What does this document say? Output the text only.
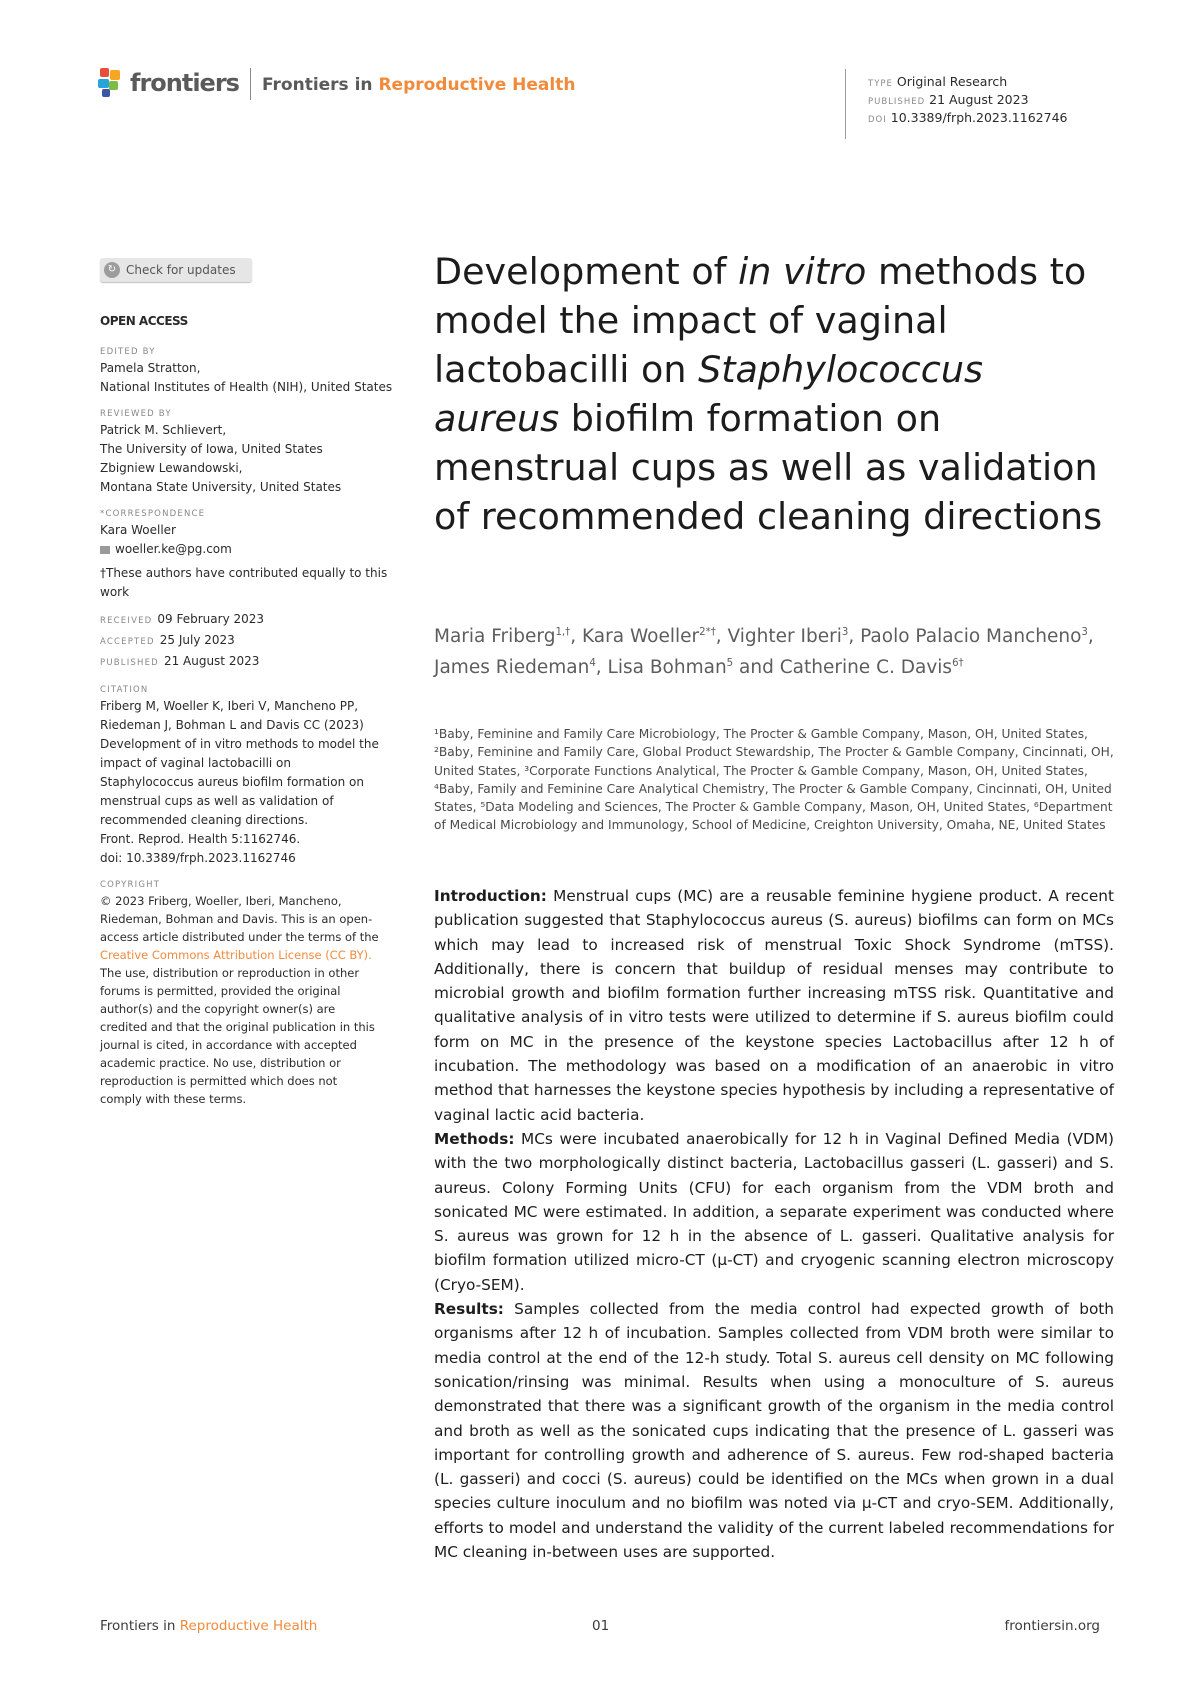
frontiers Frontiers in Reproductive Health	TYPE Original Research
PUBLISHED 21 August 2023
DOI 10.3389/frph.2023.1162746
↻ Check for updates
OPEN ACCESS
EDITED BY
Pamela Stratton,
National Institutes of Health (NIH), United States
REVIEWED BY
Patrick M. Schlievert,
The University of Iowa, United States
Zbigniew Lewandowski,
Montana State University, United States
*CORRESPONDENCE
Kara Woeller
woeller.ke@pg.com
†These authors have contributed equally to this work
RECEIVED 09 February 2023
ACCEPTED 25 July 2023
PUBLISHED 21 August 2023
CITATION
Friberg M, Woeller K, Iberi V, Mancheno PP,
Riedeman J, Bohman L and Davis CC (2023)
Development of in vitro methods to model the
impact of vaginal lactobacilli on
Staphylococcus aureus biofilm formation on
menstrual cups as well as validation of
recommended cleaning directions.
Front. Reprod. Health 5:1162746.
doi: 10.3389/frph.2023.1162746
COPYRIGHT
© 2023 Friberg, Woeller, Iberi, Mancheno,
Riedeman, Bohman and Davis. This is an open-
access article distributed under the terms of the
Creative Commons Attribution License (CC BY).
The use, distribution or reproduction in other
forums is permitted, provided the original
author(s) and the copyright owner(s) are
credited and that the original publication in this
journal is cited, in accordance with accepted
academic practice. No use, distribution or
reproduction is permitted which does not
comply with these terms.
Development of in vitro methods to model the impact of vaginal lactobacilli on Staphylococcus aureus biofilm formation on menstrual cups as well as validation of recommended cleaning directions
Maria Friberg$^{1,\dagger}$, Kara Woeller$^{2*\dagger}$, Vighter Iberi$^3$, Paolo Palacio Mancheno$^3$, James Riedeman$^4$, Lisa Bohman$^5$ and Catherine C. Davis$^{6\dagger}$
¹Baby, Feminine and Family Care Microbiology, The Procter & Gamble Company, Mason, OH, United States, ²Baby, Feminine and Family Care, Global Product Stewardship, The Procter & Gamble Company, Cincinnati, OH, United States, ³Corporate Functions Analytical, The Procter & Gamble Company, Mason, OH, United States, ⁴Baby, Family and Feminine Care Analytical Chemistry, The Procter & Gamble Company, Cincinnati, OH, United States, ⁵Data Modeling and Sciences, The Procter & Gamble Company, Mason, OH, United States, ⁶Department of Medical Microbiology and Immunology, School of Medicine, Creighton University, Omaha, NE, United States

Introduction: Menstrual cups (MC) are a reusable feminine hygiene product. A recent publication suggested that Staphylococcus aureus (S. aureus) biofilms can form on MCs which may lead to increased risk of menstrual Toxic Shock Syndrome (mTSS). Additionally, there is concern that buildup of residual menses may contribute to microbial growth and biofilm formation further increasing mTSS risk. Quantitative and qualitative analysis of in vitro tests were utilized to determine if S. aureus biofilm could form on MC in the presence of the keystone species Lactobacillus after 12 h of incubation. The methodology was based on a modification of an anaerobic in vitro method that harnesses the keystone species hypothesis by including a representative of vaginal lactic acid bacteria.

Methods: MCs were incubated anaerobically for 12 h in Vaginal Defined Media (VDM) with the two morphologically distinct bacteria, Lactobacillus gasseri (L. gasseri) and S. aureus. Colony Forming Units (CFU) for each organism from the VDM broth and sonicated MC were estimated. In addition, a separate experiment was conducted where S. aureus was grown for 12 h in the absence of L. gasseri. Qualitative analysis for biofilm formation utilized micro-CT (µ-CT) and cryogenic scanning electron microscopy (Cryo-SEM).

Results: Samples collected from the media control had expected growth of both organisms after 12 h of incubation. Samples collected from VDM broth were similar to media control at the end of the 12-h study. Total S. aureus cell density on MC following sonication/rinsing was minimal. Results when using a monoculture of S. aureus demonstrated that there was a significant growth of the organism in the media control and broth as well as the sonicated cups indicating that the presence of L. gasseri was important for controlling growth and adherence of S. aureus. Few rod-shaped bacteria (L. gasseri) and cocci (S. aureus) could be identified on the MCs when grown in a dual species culture inoculum and no biofilm was noted via µ-CT and cryo-SEM. Additionally, efforts to model and understand the validity of the current labeled recommendations for MC cleaning in-between uses are supported.

Frontiers in Reproductive Health	01	frontiersin.org
